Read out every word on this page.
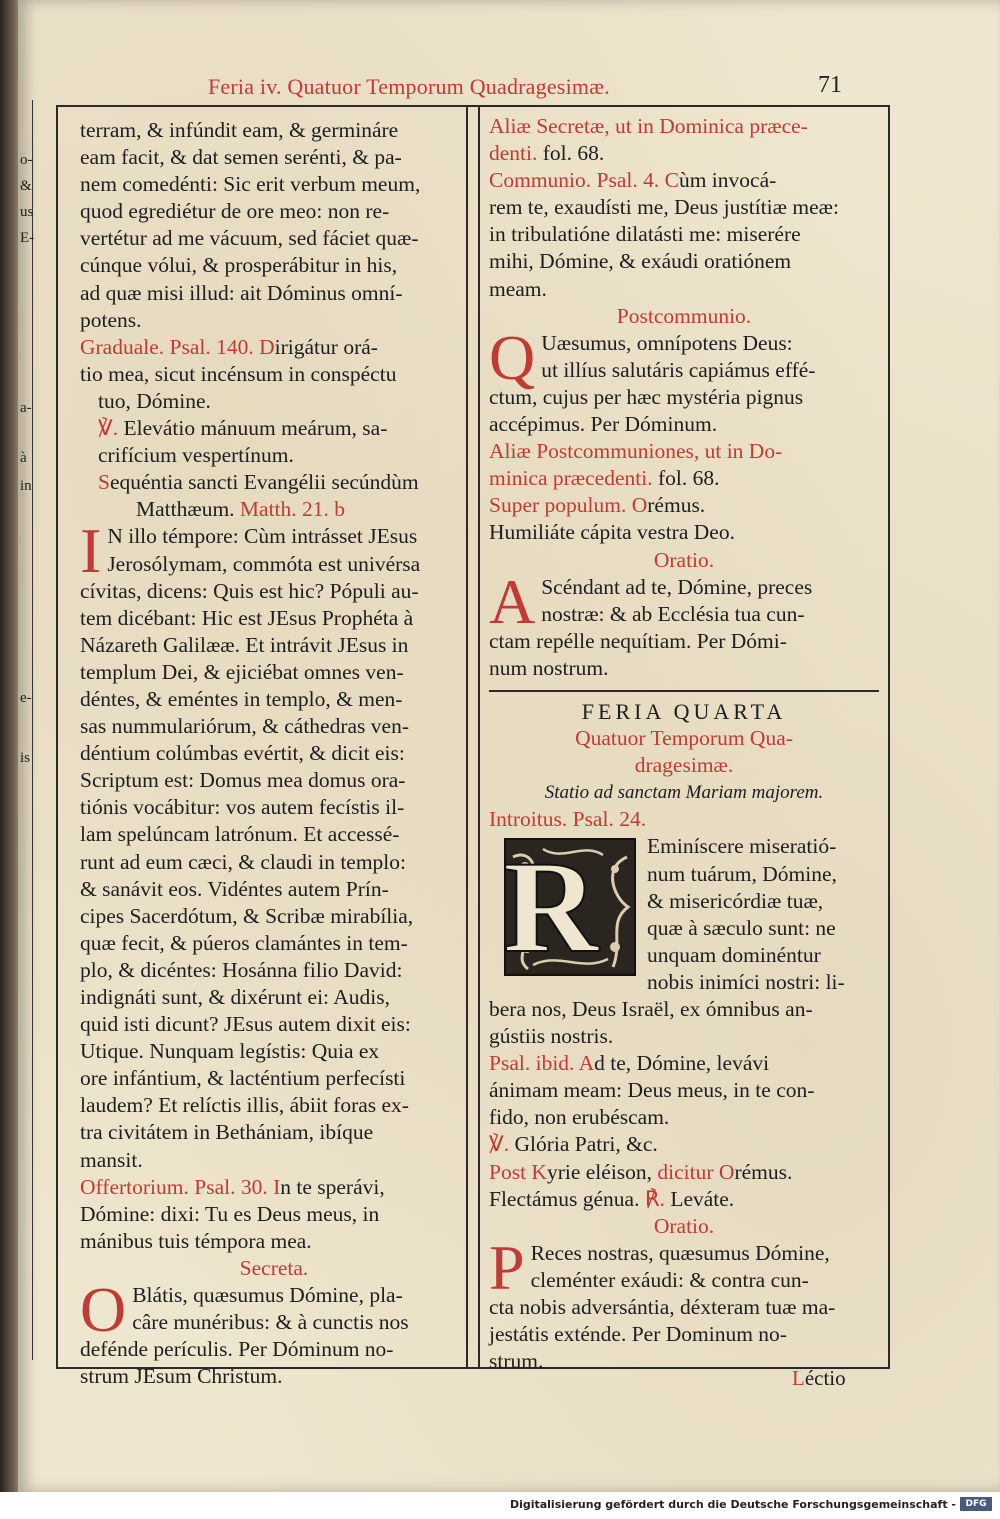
o-
&
us
E-
a-
à
in
e-
is
Feria iv. Quatuor Temporum Quadragesimæ.	71

terram, & infúndit eam, & germináre

eam facit, & dat semen serénti, & pa-

nem comedénti: Sic erit verbum meum,

quod egrediétur de ore meo: non re-

vertétur ad me vácuum, sed fáciet quæ-

cúnque vólui, & prosperábitur in his,

ad quæ misi illud: ait Dóminus omní-

potens.

Graduale. Psal. 140. Dirigátur orá-

tio mea, sicut incénsum in conspéctu

tuo, Dómine.

℣. Elevátio mánuum meárum, sa-

crifícium vespertínum.

Sequéntia sancti Evangélii secúndùm

Matthæum. Matth. 21. b

I N illo témpore: Cùm intrásset JEsus

Jerosólymam, commóta est univérsa

cívitas, dicens: Quis est hic? Pópuli au-

tem dicébant: Hic est JEsus Prophéta à

Názareth Galilææ. Et intrávit JEsus in

templum Dei, & ejiciébat omnes ven-

déntes, & eméntes in templo, & men-

sas nummulariórum, & cáthedras ven-

déntium colúmbas evértit, & dicit eis:

Scriptum est: Domus mea domus ora-

tiónis vocábitur: vos autem fecístis il-

lam spelúncam latrónum. Et accessé-

runt ad eum cæci, & claudi in templo:

& sanávit eos. Vidéntes autem Prín-

cipes Sacerdótum, & Scribæ mirabília,

quæ fecit, & púeros clamántes in tem-

plo, & dicéntes: Hosánna filio David:

indignáti sunt, & dixérunt ei: Audis,

quid isti dicunt? JEsus autem dixit eis:

Utique. Nunquam legístis: Quia ex

ore infántium, & lacténtium perfecísti

laudem? Et relíctis illis, ábiit foras ex-

tra civitátem in Bethániam, ibíque

mansit.

Offertorium. Psal. 30. In te sperávi,

Dómine: dixi: Tu es Deus meus, in

mánibus tuis témpora mea.

Secreta.

O Blátis, quæsumus Dómine, pla-

câre munéribus: & à cunctis nos

defénde perículis. Per Dóminum no-

strum JEsum Christum.

Aliæ Secretæ, ut in Dominica præce-

denti. fol. 68.

Communio. Psal. 4. Cùm invocá-

rem te, exaudísti me, Deus justítiæ meæ:

in tribulatióne dilatásti me: miserére

mihi, Dómine, & exáudi oratiónem

meam.

Postcommunio.

Q Uæsumus, omnípotens Deus:

ut illíus salutáris capiámus effé-

ctum, cujus per hæc mystéria pignus

accépimus. Per Dóminum.

Aliæ Postcommuniones, ut in Do-

minica præcedenti. fol. 68.

Super populum. Orémus.

Humiliáte cápita vestra Deo.

Oratio.

A Scéndant ad te, Dómine, preces

nostræ: & ab Ecclésia tua cun-

ctam repélle nequítiam. Per Dómi-

num nostrum.

FERIA QUARTA

Quatuor Temporum Qua-

dragesimæ.

Statio ad sanctam Mariam majorem.

Introitus. Psal. 24.

R	Eminíscere miseratió-

num tuárum, Dómine,

& misericórdiæ tuæ,

quæ à sæculo sunt: ne

unquam dominéntur

nobis inimíci nostri: li-

bera nos, Deus Israël, ex ómnibus an-

gústiis nostris.

Psal. ibid. Ad te, Dómine, levávi

ánimam meam: Deus meus, in te con-

fido, non erubéscam.

℣. Glória Patri, &c.

Post Kyrie eléison, dicitur Orémus.

Flectámus génua. ℟. Leváte.

Oratio.

P Reces nostras, quæsumus Dómine,

cleménter exáudi: & contra cun-

cta nobis adversántia, déxteram tuæ ma-

jestátis exténde. Per Dominum no-

strum.

Léctio
Digitalisierung gefördert durch die Deutsche Forschungsgemeinschaft -	DFG
